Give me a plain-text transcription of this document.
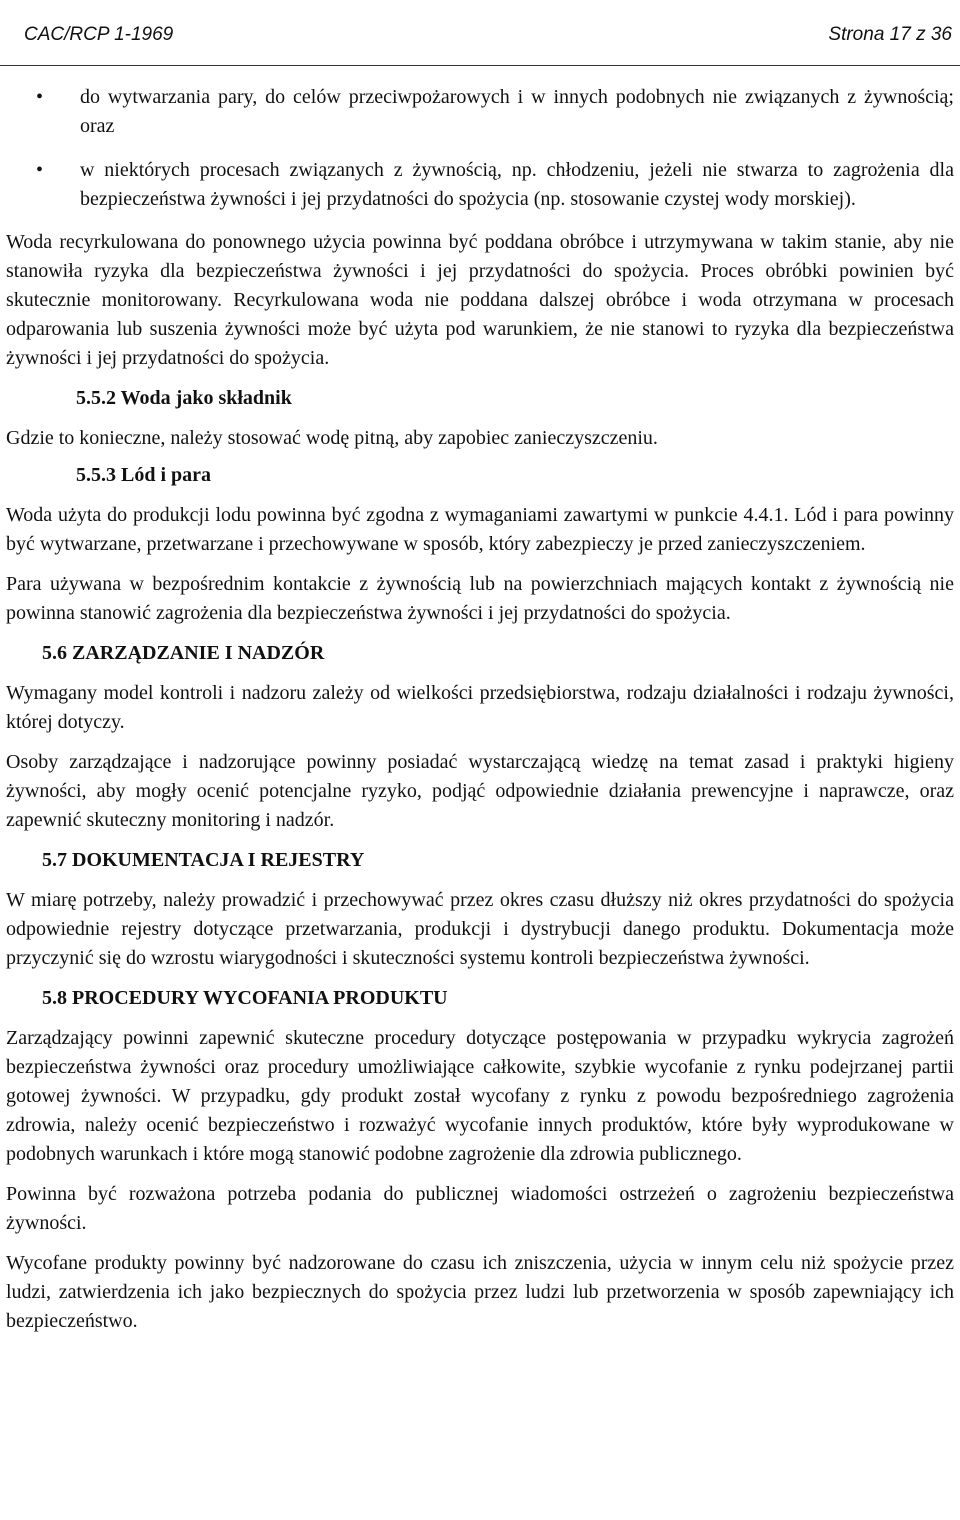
CAC/RCP 1-1969	Strona 17 z 36
• do wytwarzania pary, do celów przeciwpożarowych i w innych podobnych nie związanych z żywnością; oraz
• w niektórych procesach związanych z żywnością, np. chłodzeniu, jeżeli nie stwarza to zagrożenia dla bezpieczeństwa żywności i jej przydatności do spożycia (np. stosowanie czystej wody morskiej).

Woda recyrkulowana do ponownego użycia powinna być poddana obróbce i utrzymywana w takim stanie, aby nie stanowiła ryzyka dla bezpieczeństwa żywności i jej przydatności do spożycia. Proces obróbki powinien być skutecznie monitorowany. Recyrkulowana woda nie poddana dalszej obróbce i woda otrzymana w procesach odparowania lub suszenia żywności może być użyta pod warunkiem, że nie stanowi to ryzyka dla bezpieczeństwa żywności i jej przydatności do spożycia.

5.5.2 Woda jako składnik

Gdzie to konieczne, należy stosować wodę pitną, aby zapobiec zanieczyszczeniu.

5.5.3 Lód i para

Woda użyta do produkcji lodu powinna być zgodna z wymaganiami zawartymi w punkcie 4.4.1. Lód i para powinny być wytwarzane, przetwarzane i przechowywane w sposób, który zabezpieczy je przed zanieczyszczeniem.

Para używana w bezpośrednim kontakcie z żywnością lub na powierzchniach mających kontakt z żywnością nie powinna stanowić zagrożenia dla bezpieczeństwa żywności i jej przydatności do spożycia.

5.6 ZARZĄDZANIE I NADZÓR

Wymagany model kontroli i nadzoru zależy od wielkości przedsiębiorstwa, rodzaju działalności i rodzaju żywności, której dotyczy.

Osoby zarządzające i nadzorujące powinny posiadać wystarczającą wiedzę na temat zasad i praktyki higieny żywności, aby mogły ocenić potencjalne ryzyko, podjąć odpowiednie działania prewencyjne i naprawcze, oraz zapewnić skuteczny monitoring i nadzór.

5.7 DOKUMENTACJA I REJESTRY

W miarę potrzeby, należy prowadzić i przechowywać przez okres czasu dłuższy niż okres przydatności do spożycia odpowiednie rejestry dotyczące przetwarzania, produkcji i dystrybucji danego produktu. Dokumentacja może przyczynić się do wzrostu wiarygodności i skuteczności systemu kontroli bezpieczeństwa żywności.

5.8 PROCEDURY WYCOFANIA PRODUKTU

Zarządzający powinni zapewnić skuteczne procedury dotyczące postępowania w przypadku wykrycia zagrożeń bezpieczeństwa żywności oraz procedury umożliwiające całkowite, szybkie wycofanie z rynku podejrzanej partii gotowej żywności. W przypadku, gdy produkt został wycofany z rynku z powodu bezpośredniego zagrożenia zdrowia, należy ocenić bezpieczeństwo i rozważyć wycofanie innych produktów, które były wyprodukowane w podobnych warunkach i które mogą stanowić podobne zagrożenie dla zdrowia publicznego.

Powinna być rozważona potrzeba podania do publicznej wiadomości ostrzeżeń o zagrożeniu bezpieczeństwa żywności.

Wycofane produkty powinny być nadzorowane do czasu ich zniszczenia, użycia w innym celu niż spożycie przez ludzi, zatwierdzenia ich jako bezpiecznych do spożycia przez ludzi lub przetworzenia w sposób zapewniający ich bezpieczeństwo.
